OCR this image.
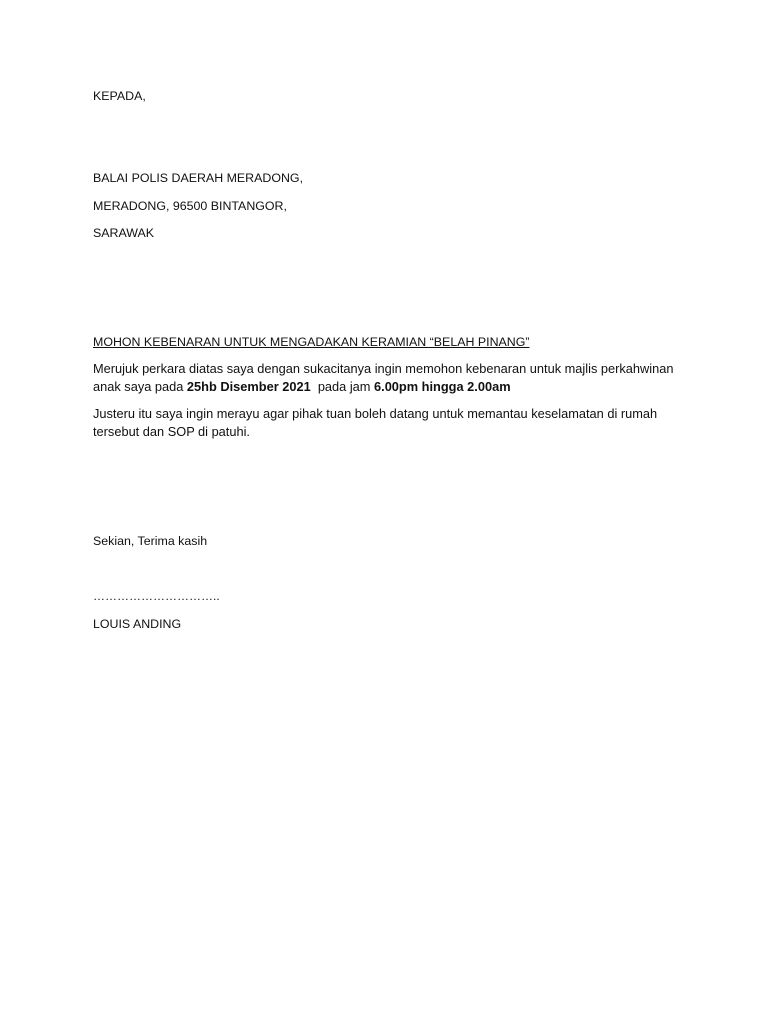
KEPADA,
BALAI POLIS DAERAH MERADONG,
MERADONG, 96500 BINTANGOR,
SARAWAK
MOHON KEBENARAN UNTUK MENGADAKAN KERAMIAN “BELAH PINANG”
Merujuk perkara diatas saya dengan sukacitanya ingin memohon kebenaran untuk majlis perkahwinan anak saya pada 25hb Disember 2021  pada jam 6.00pm hingga 2.00am
Justeru itu saya ingin merayu agar pihak tuan boleh datang untuk memantau keselamatan di rumah tersebut dan SOP di patuhi.
Sekian, Terima kasih
…………………………..
LOUIS ANDING
